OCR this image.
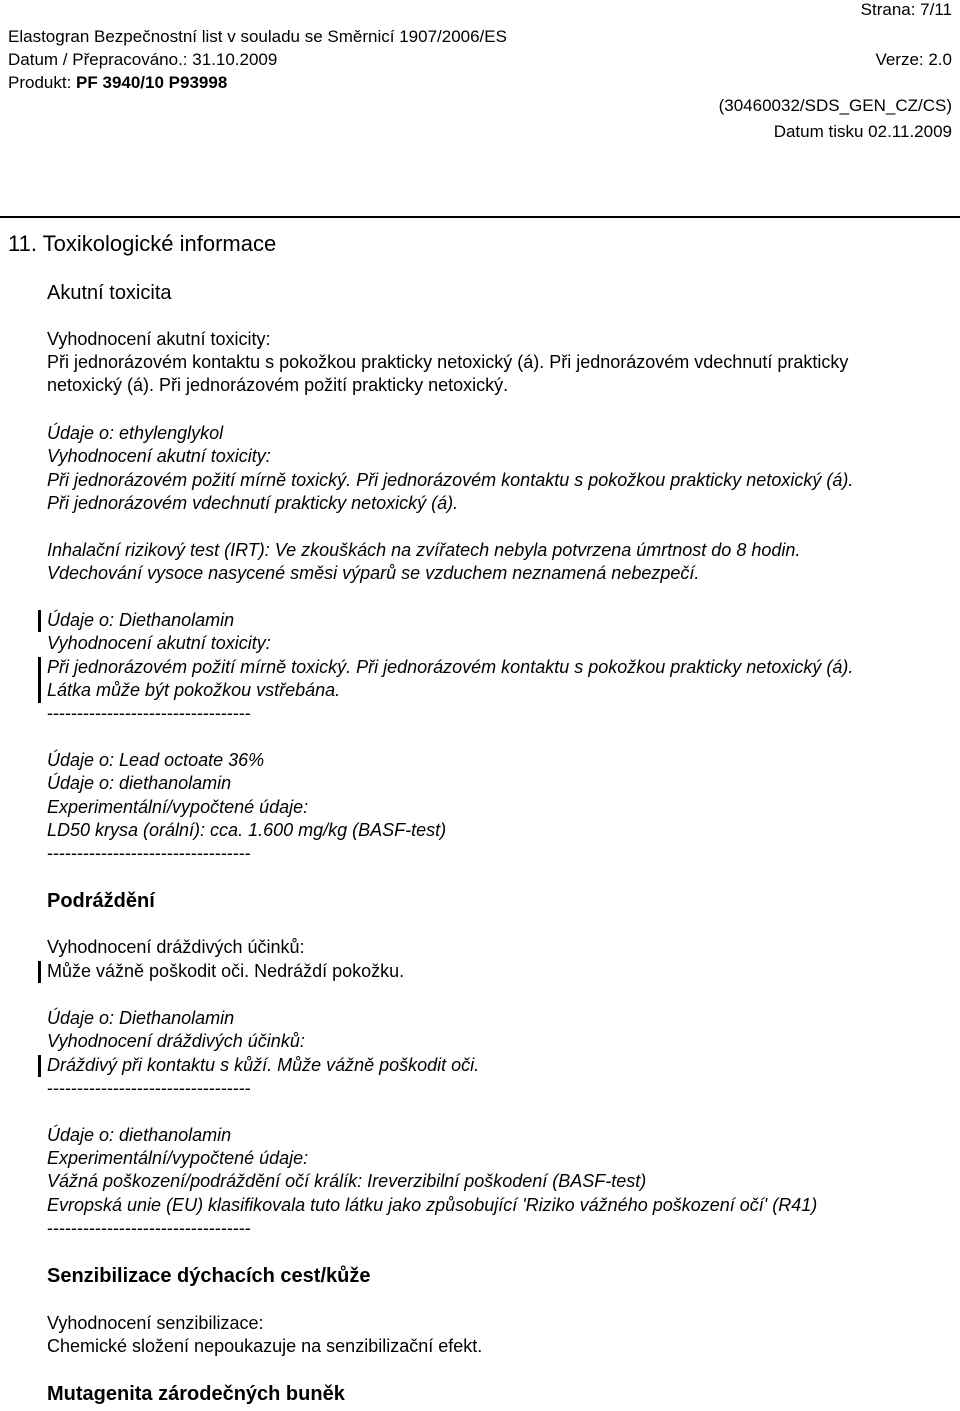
Strana: 7/11
Elastogran Bezpečnostní list v souladu se Směrnicí 1907/2006/ES
Datum / Přepracováno.: 31.10.2009	Verze: 2.0
Produkt: PF 3940/10 P93998
(30460032/SDS_GEN_CZ/CS)
Datum tisku 02.11.2009
11. Toxikologické informace
Akutní toxicita
Vyhodnocení akutní toxicity:
Při jednorázovém kontaktu s pokožkou prakticky netoxický (á). Při jednorázovém vdechnutí prakticky
netoxický (á). Při jednorázovém požití prakticky netoxický.
Údaje o: ethylenglykol
Vyhodnocení akutní toxicity:
Při jednorázovém požití mírně toxický. Při jednorázovém kontaktu s pokožkou prakticky netoxický (á).
Při jednorázovém vdechnutí prakticky netoxický (á).
Inhalační rizikový test (IRT): Ve zkouškách na zvířatech nebyla potvrzena úmrtnost do 8 hodin.
Vdechování vysoce nasycené směsi výparů se vzduchem neznamená nebezpečí.
Údaje o: Diethanolamin
Vyhodnocení akutní toxicity:
Při jednorázovém požití mírně toxický. Při jednorázovém kontaktu s pokožkou prakticky netoxický (á).
Látka může být pokožkou vstřebána.
----------------------------------
Údaje o: Lead octoate 36%
Údaje o: diethanolamin
Experimentální/vypočtené údaje:
LD50 krysa (orální): cca. 1.600 mg/kg (BASF-test)
----------------------------------
Podráždění
Vyhodnocení dráždivých účinků:
Může vážně poškodit oči. Nedráždí pokožku.
Údaje o: Diethanolamin
Vyhodnocení dráždivých účinků:
Dráždivý při kontaktu s kůží. Může vážně poškodit oči.
----------------------------------
Údaje o: diethanolamin
Experimentální/vypočtené údaje:
Vážná poškození/podráždění očí králík: Ireverzibilní poškodení (BASF-test)
Evropská unie (EU) klasifikovala tuto látku jako způsobující 'Riziko vážného poškození očí' (R41)
----------------------------------
Senzibilizace dýchacích cest/kůže
Vyhodnocení senzibilizace:
Chemické složení nepoukazuje na senzibilizační efekt.
Mutagenita zárodečných buněk
